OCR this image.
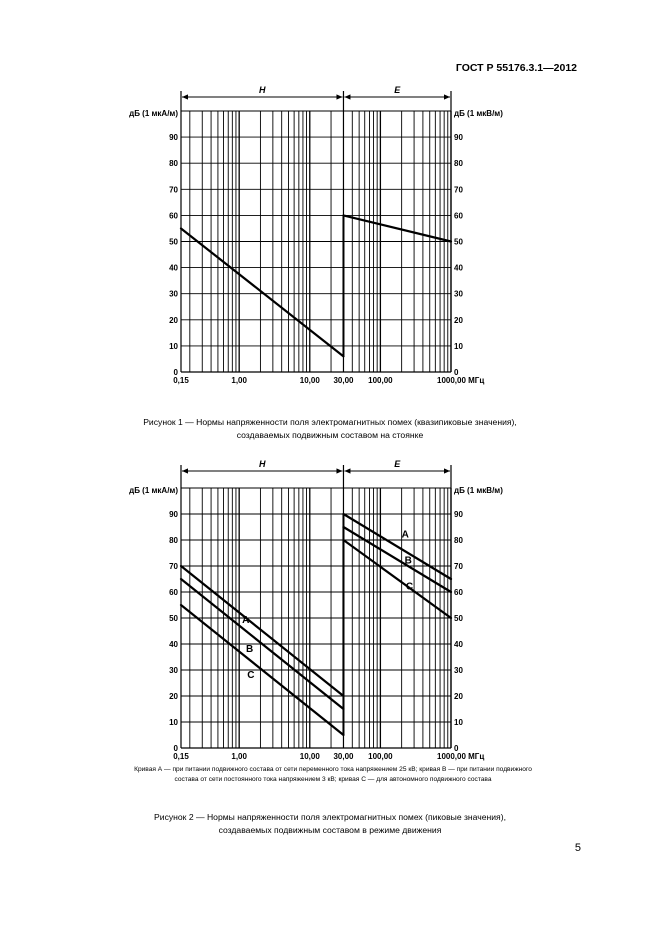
ГОСТ Р 55176.3.1—2012
H	E
дБ (1 мкА/м)	дБ (1 мкВ/м)
0	0
10	10
20	20
30	30
40	40
50	50
60	60
70	70
80	80
90	90
0,15	1,00	10,00 30,00 100,00	1000,00 МГц
H	E
дБ (1 мкА/м)	дБ (1 мкВ/м)
0	0
10	10
20	20
30	30
40	40
50	50
60	60
70	70
80	80
90	90
0,15	1,00	10,00 30,00 100,00	1000,00 МГц
A
A
B
B
C
C
Рисунок 1 — Нормы напряженности поля электромагнитных помех (квазипиковые значения),
создаваемых подвижным составом на стоянке
Кривая А — при питании подвижного состава от сети переменного тока напряжением 25 кВ; кривая В — при питании подвижного
состава от сети постоянного тока напряжением 3 кВ; кривая С — для автономного подвижного состава
Рисунок 2 — Нормы напряженности поля электромагнитных помех (пиковые значения),
создаваемых подвижным составом в режиме движения
5
